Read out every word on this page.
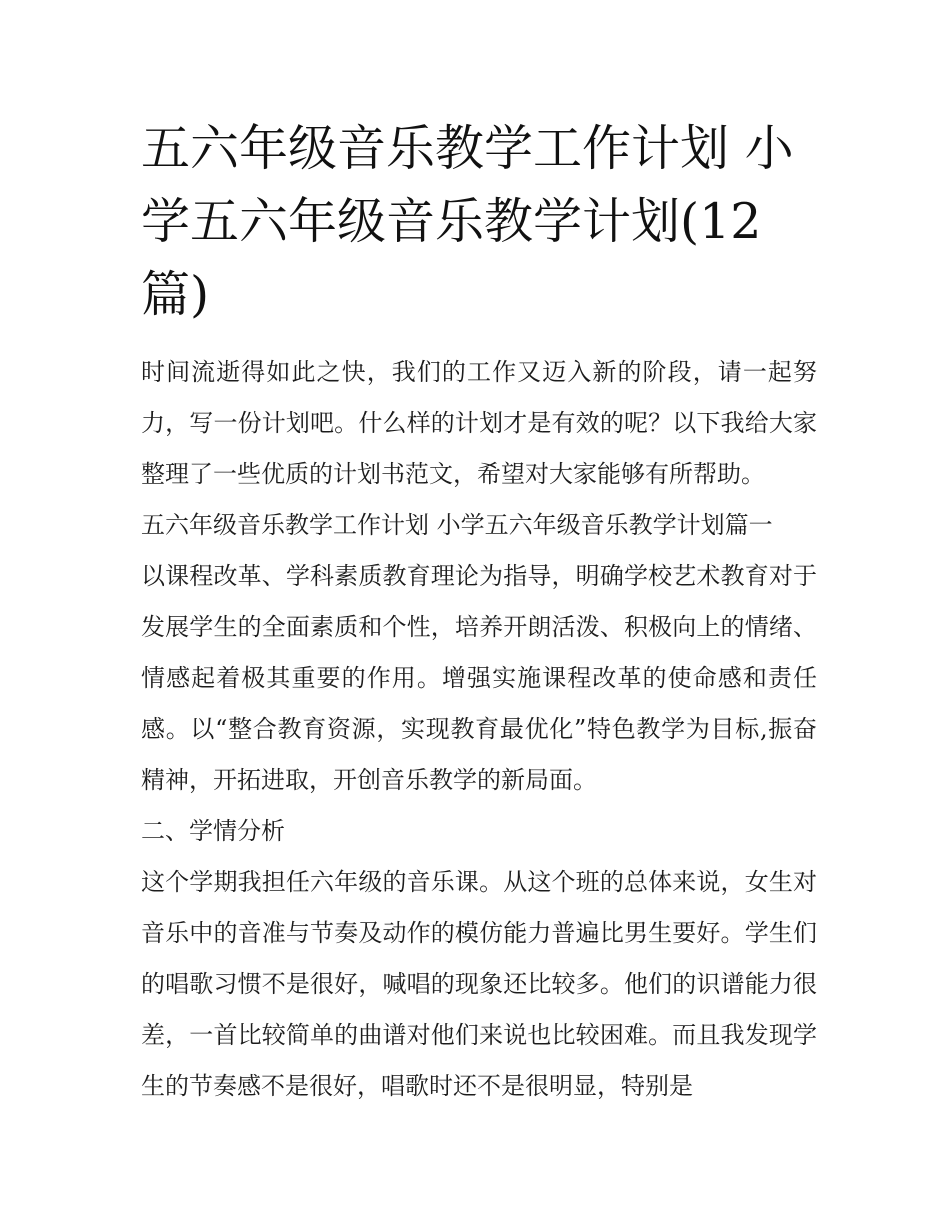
五六年级音乐教学工作计划 小学五六年级音乐教学计划(12篇)

时间流逝得如此之快，我们的工作又迈入新的阶段，请一起努力，写一份计划吧。什么样的计划才是有效的呢？以下我给大家整理了一些优质的计划书范文，希望对大家能够有所帮助。

五六年级音乐教学工作计划 小学五六年级音乐教学计划篇一

以课程改革、学科素质教育理论为指导，明确学校艺术教育对于发展学生的全面素质和个性，培养开朗活泼、积极向上的情绪、情感起着极其重要的作用。增强实施课程改革的使命感和责任感。以“整合教育资源，实现教育最优化”特色教学为目标,振奋精神，开拓进取，开创音乐教学的新局面。

二、学情分析

这个学期我担任六年级的音乐课。从这个班的总体来说，女生对音乐中的音准与节奏及动作的模仿能力普遍比男生要好。学生们的唱歌习惯不是很好，喊唱的现象还比较多。他们的识谱能力很差，一首比较简单的曲谱对他们来说也比较困难。而且我发现学生的节奏感不是很好，唱歌时还不是很明显，特别是
